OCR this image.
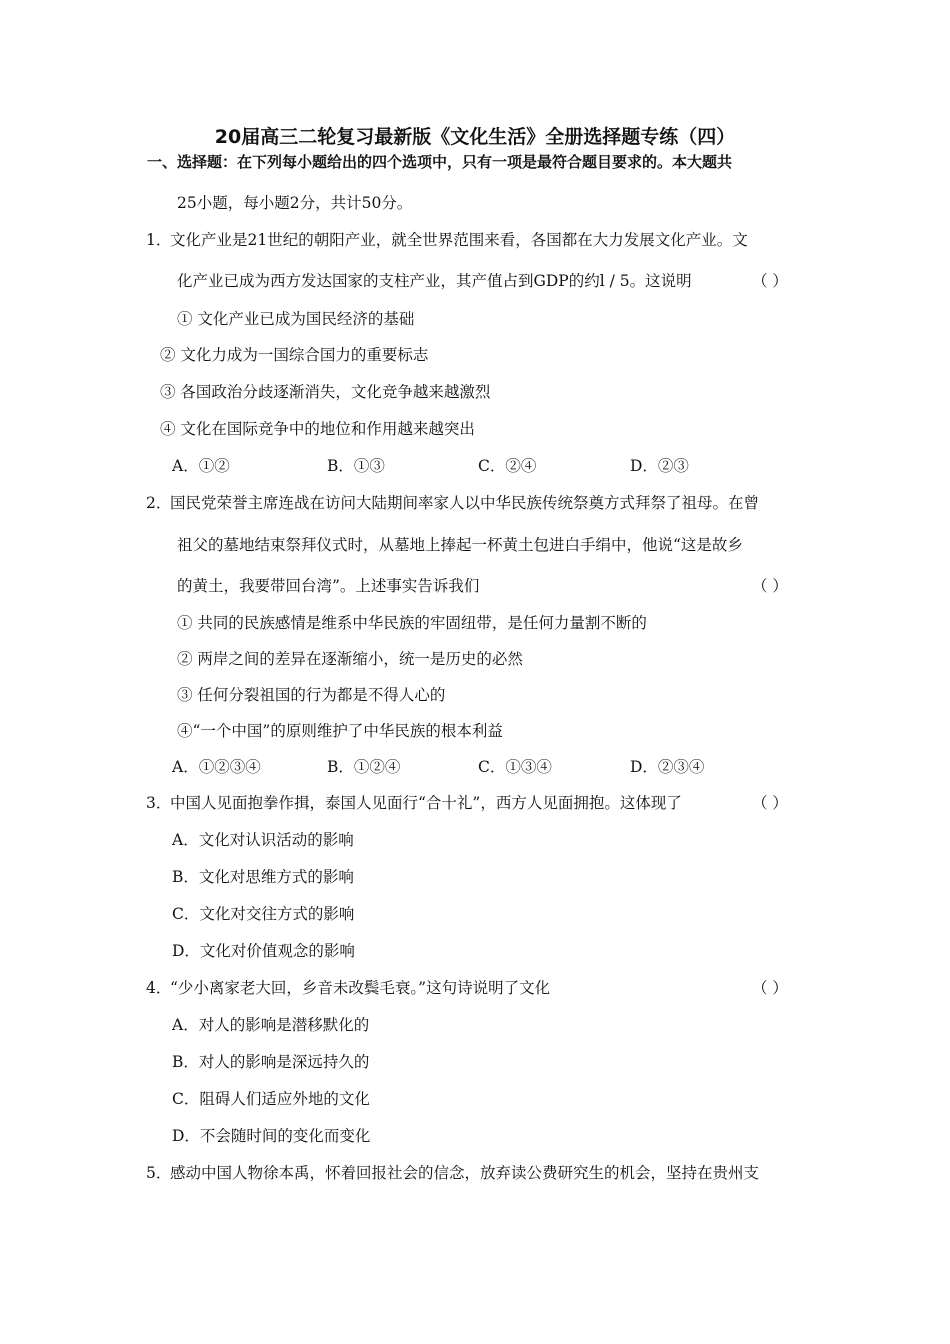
20届高三二轮复习最新版《文化生活》全册选择题专练（四）
一、选择题：在下列每小题给出的四个选项中，只有一项是最符合题目要求的。本大题共
25小题，每小题2分，共计50分。
1．
文化产业是21世纪的朝阳产业，就全世界范围来看，各国都在大力发展文化产业。文
化产业已成为西方发达国家的支柱产业，其产值占到GDP的约l / 5。这说明	（ ）
① 文化产业已成为国民经济的基础
② 文化力成为一国综合国力的重要标志
③ 各国政治分歧逐渐消失，文化竞争越来越激烈
④ 文化在国际竞争中的地位和作用越来越突出
A．①②	B．①③	C．②④	D．②③
2．
国民党荣誉主席连战在访问大陆期间率家人以中华民族传统祭奠方式拜祭了祖母。在曾
祖父的墓地结束祭拜仪式时，从墓地上捧起一杯黄土包进白手绢中，他说“这是故乡
的黄土，我要带回台湾”。上述事实告诉我们	（ ）
① 共同的民族感情是维系中华民族的牢固纽带，是任何力量割不断的
② 两岸之间的差异在逐渐缩小，统一是历史的必然
③ 任何分裂祖国的行为都是不得人心的
④“一个中国”的原则维护了中华民族的根本利益
A．①②③④	B．①②④	C．①③④	D．②③④
3．
中国人见面抱拳作揖，泰国人见面行“合十礼”，西方人见面拥抱。这体现了	（ ）
A．文化对认识活动的影响
B．文化对思维方式的影响
C．文化对交往方式的影响
D．文化对价值观念的影响
4．
“少小离家老大回，乡音未改鬓毛衰。”这句诗说明了文化	（ ）
A．对人的影响是潜移默化的
B．对人的影响是深远持久的
C．阻碍人们适应外地的文化
D．不会随时间的变化而变化
5．
感动中国人物徐本禹，怀着回报社会的信念，放弃读公费研究生的机会，坚持在贵州支
